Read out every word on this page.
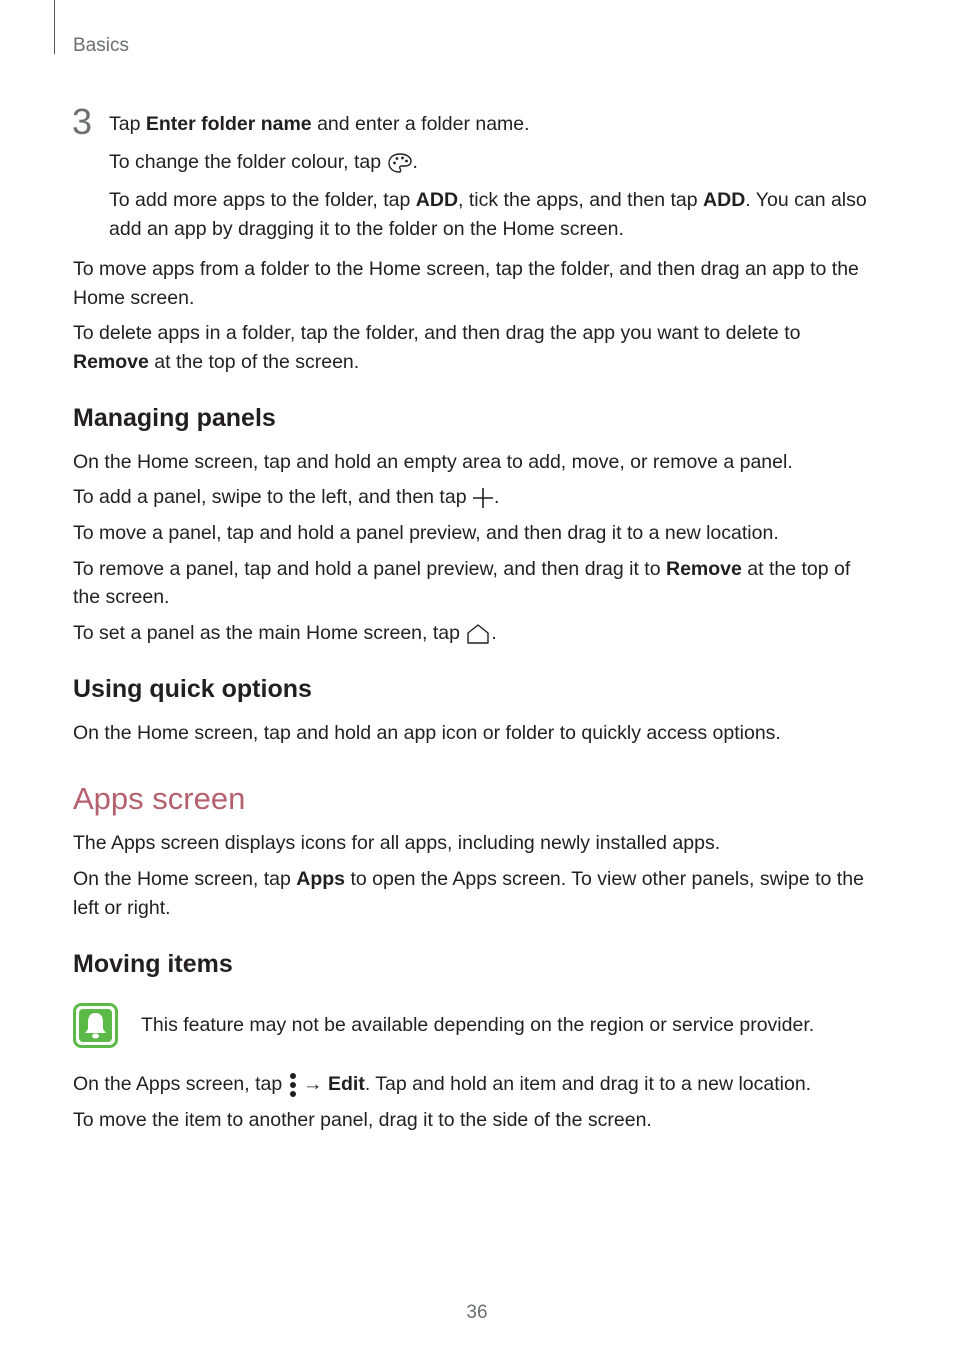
Basics
3 Tap Enter folder name and enter a folder name.
To change the folder colour, tap .
To add more apps to the folder, tap ADD, tick the apps, and then tap ADD. You can also
add an app by dragging it to the folder on the Home screen.
To move apps from a folder to the Home screen, tap the folder, and then drag an app to the
Home screen.
To delete apps in a folder, tap the folder, and then drag the app you want to delete to
Remove at the top of the screen.
Managing panels
On the Home screen, tap and hold an empty area to add, move, or remove a panel.
To add a panel, swipe to the left, and then tap .
To move a panel, tap and hold a panel preview, and then drag it to a new location.
To remove a panel, tap and hold a panel preview, and then drag it to Remove at the top of
the screen.
To set a panel as the main Home screen, tap .
Using quick options
On the Home screen, tap and hold an app icon or folder to quickly access options.
Apps screen
The Apps screen displays icons for all apps, including newly installed apps.
On the Home screen, tap Apps to open the Apps screen. To view other panels, swipe to the
left or right.
Moving items
This feature may not be available depending on the region or service provider.
On the Apps screen, tap  → Edit. Tap and hold an item and drag it to a new location.
To move the item to another panel, drag it to the side of the screen.
36
